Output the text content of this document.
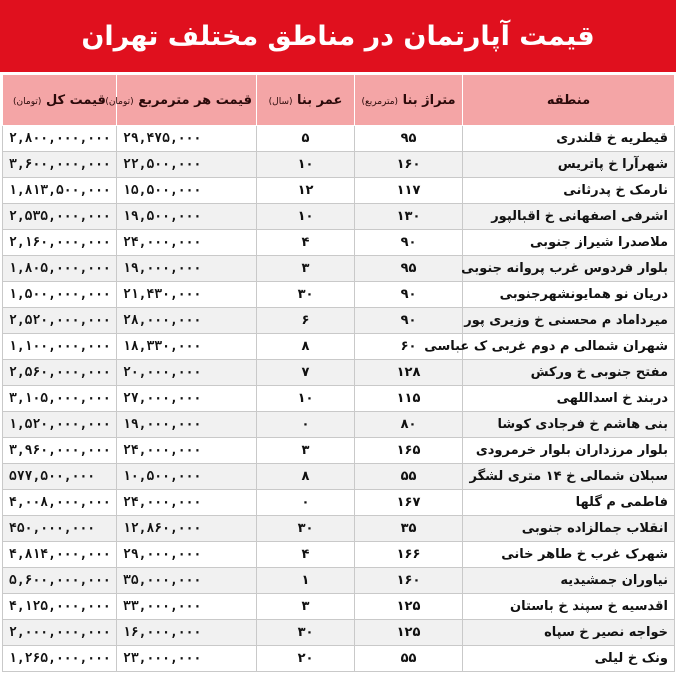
قیمت آپارتمان در مناطق مختلف تهران
منطقه	متراژ بنا (مترمربع)	عمر بنا (سال)	قیمت هر مترمربع (تومان)	قیمت کل (تومان)
قیطریه خ قلندری	۹۵	۵	۲۹,۴۷۵,۰۰۰	۲,۸۰۰,۰۰۰,۰۰۰
شهرآرا خ پاتریس	۱۶۰	۱۰	۲۲,۵۰۰,۰۰۰	۳,۶۰۰,۰۰۰,۰۰۰
نارمک خ پدرثانی	۱۱۷	۱۲	۱۵,۵۰۰,۰۰۰	۱,۸۱۳,۵۰۰,۰۰۰
اشرفی اصفهانی خ اقبالپور	۱۳۰	۱۰	۱۹,۵۰۰,۰۰۰	۲,۵۳۵,۰۰۰,۰۰۰
ملاصدرا شیراز جنوبی	۹۰	۴	۲۴,۰۰۰,۰۰۰	۲,۱۶۰,۰۰۰,۰۰۰
بلوار فردوس غرب پروانه جنوبی	۹۵	۳	۱۹,۰۰۰,۰۰۰	۱,۸۰۵,۰۰۰,۰۰۰
دریان نو همایونشهرجنوبی	۹۰	۳۰	۲۱,۴۳۰,۰۰۰	۱,۵۰۰,۰۰۰,۰۰۰
میرداماد م محسنی خ وزیری پور	۹۰	۶	۲۸,۰۰۰,۰۰۰	۲,۵۲۰,۰۰۰,۰۰۰
شهران شمالی م دوم غربی ک عباسی	۶۰	۸	۱۸,۳۳۰,۰۰۰	۱,۱۰۰,۰۰۰,۰۰۰
مفتح جنوبی خ ورکش	۱۲۸	۷	۲۰,۰۰۰,۰۰۰	۲,۵۶۰,۰۰۰,۰۰۰
دربند خ اسداللهی	۱۱۵	۱۰	۲۷,۰۰۰,۰۰۰	۳,۱۰۵,۰۰۰,۰۰۰
بنی هاشم خ فرجادی کوشا	۸۰	۰	۱۹,۰۰۰,۰۰۰	۱,۵۲۰,۰۰۰,۰۰۰
بلوار مرزداران بلوار خرمرودی	۱۶۵	۳	۲۴,۰۰۰,۰۰۰	۳,۹۶۰,۰۰۰,۰۰۰
سبلان شمالی خ ۱۴ متری لشگر	۵۵	۸	۱۰,۵۰۰,۰۰۰	۵۷۷,۵۰۰,۰۰۰
فاطمی م گلها	۱۶۷	۰	۲۴,۰۰۰,۰۰۰	۴,۰۰۸,۰۰۰,۰۰۰
انقلاب جمالزاده جنوبی	۳۵	۳۰	۱۲,۸۶۰,۰۰۰	۴۵۰,۰۰۰,۰۰۰
شهرک غرب خ طاهر خانی	۱۶۶	۴	۲۹,۰۰۰,۰۰۰	۴,۸۱۴,۰۰۰,۰۰۰
نیاوران جمشیدیه	۱۶۰	۱	۳۵,۰۰۰,۰۰۰	۵,۶۰۰,۰۰۰,۰۰۰
اقدسیه خ سپند خ باستان	۱۲۵	۳	۳۳,۰۰۰,۰۰۰	۴,۱۲۵,۰۰۰,۰۰۰
خواجه نصیر خ سپاه	۱۲۵	۳۰	۱۶,۰۰۰,۰۰۰	۲,۰۰۰,۰۰۰,۰۰۰
ونک خ لیلی	۵۵	۲۰	۲۳,۰۰۰,۰۰۰	۱,۲۶۵,۰۰۰,۰۰۰
